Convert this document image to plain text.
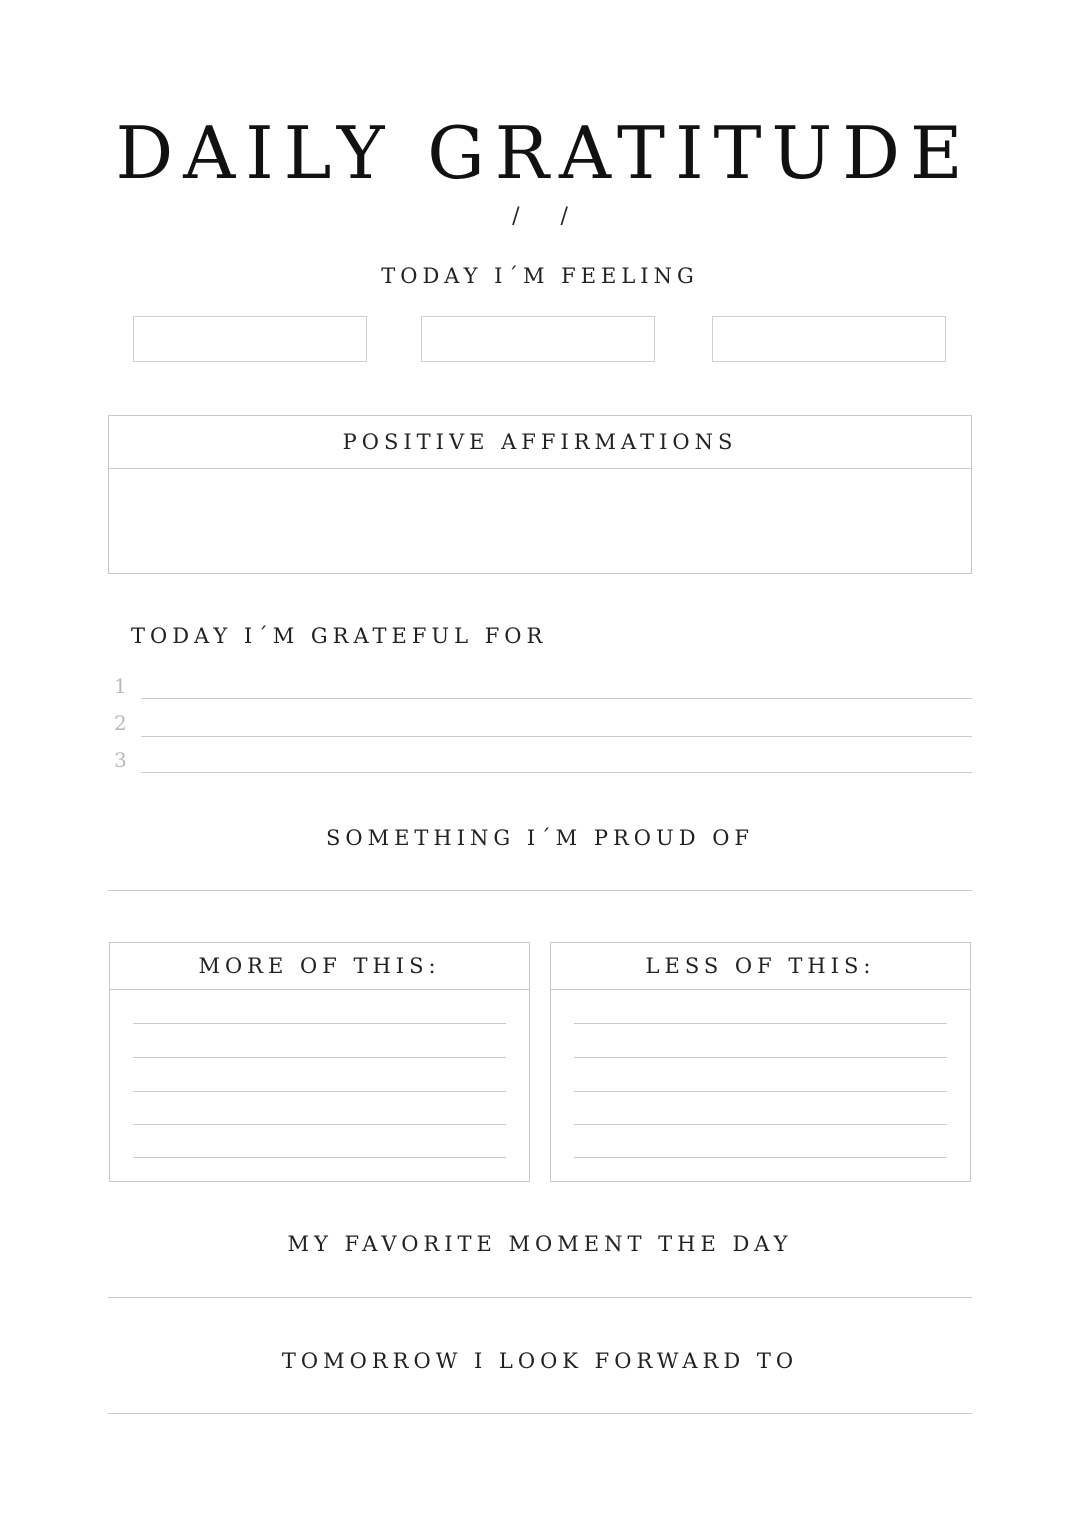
DAILY GRATITUDE
/ /
TODAY I´M FEELING
POSITIVE AFFIRMATIONS
TODAY I´M GRATEFUL FOR
1
2
3
SOMETHING I´M PROUD OF
MORE OF THIS:	LESS OF THIS:
MY FAVORITE MOMENT THE DAY
TOMORROW I LOOK FORWARD TO
